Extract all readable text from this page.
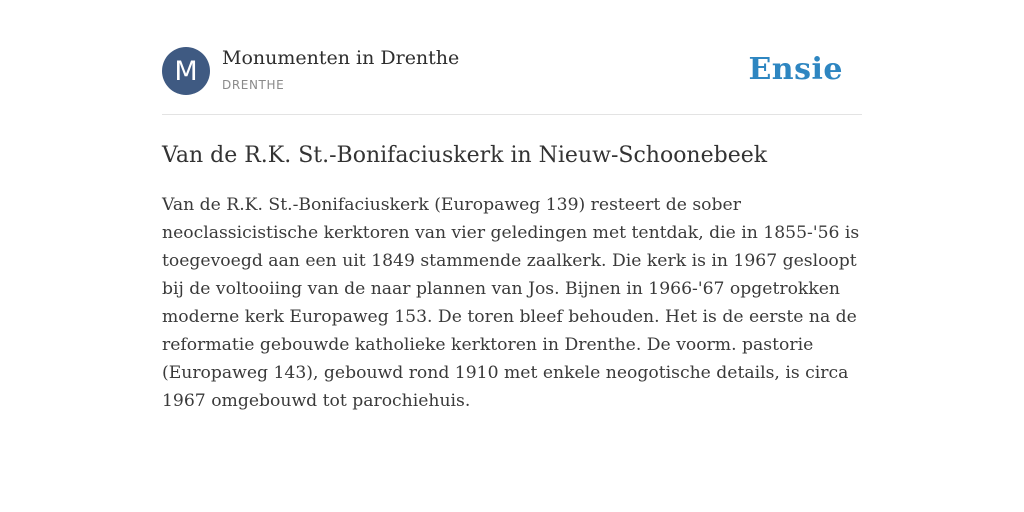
M	Monumenten in Drenthe
DRENTHE	Ensie
Van de R.K. St.-Bonifaciuskerk in Nieuw-Schoonebeek

Van de R.K. St.-Bonifaciuskerk (Europaweg 139) resteert de sober neoclassicistische kerktoren van vier geledingen met tentdak, die in 1855-'56 is toegevoegd aan een uit 1849 stammende zaalkerk. Die kerk is in 1967 gesloopt bij de voltooiing van de naar plannen van Jos. Bijnen in 1966-'67 opgetrokken moderne kerk Europaweg 153. De toren bleef behouden. Het is de eerste na de reformatie gebouwde katholieke kerktoren in Drenthe. De voorm. pastorie (Europaweg 143), gebouwd rond 1910 met enkele neogotische details, is circa 1967 omgebouwd tot parochiehuis.
